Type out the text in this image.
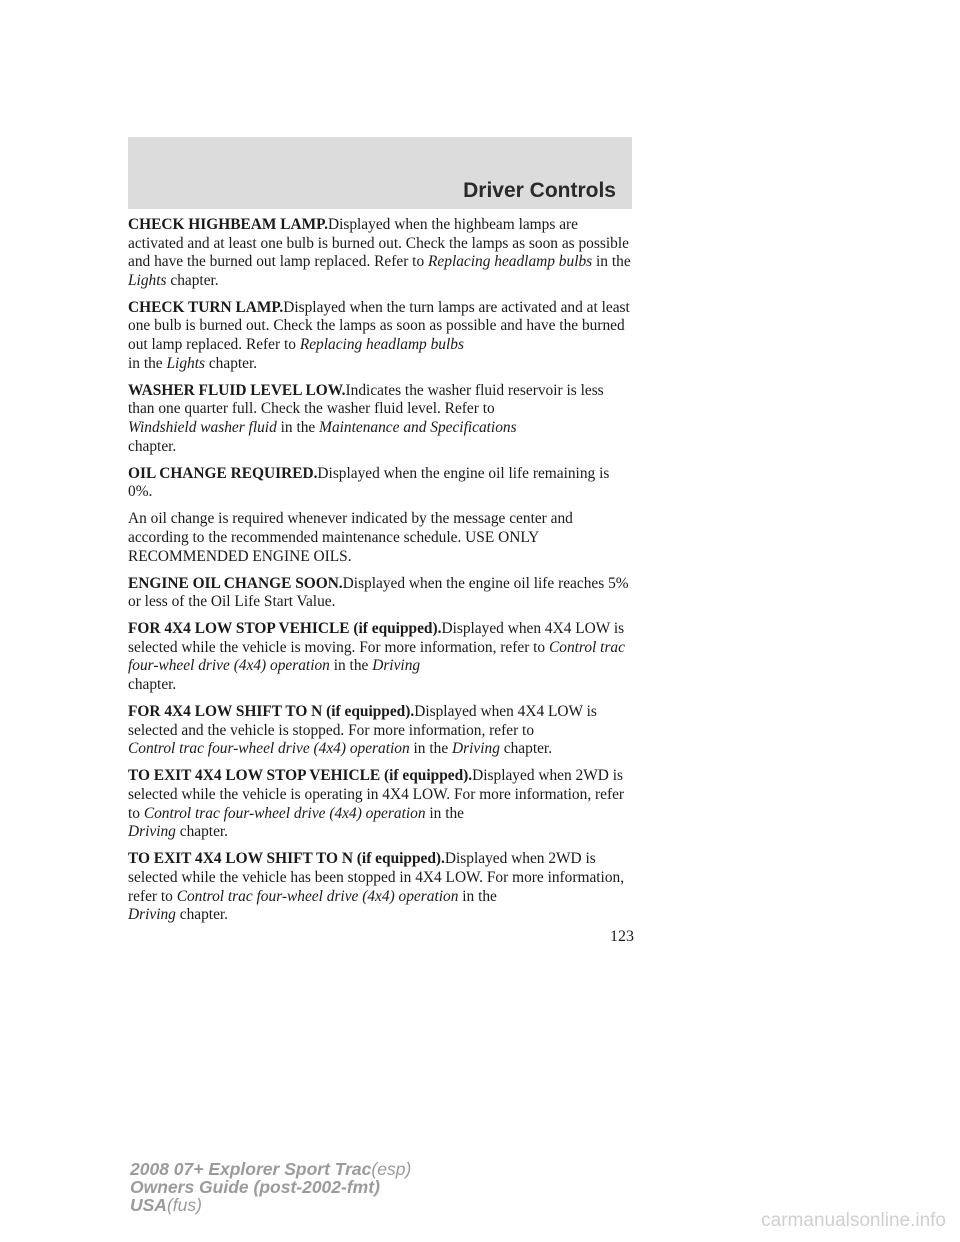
Driver Controls

CHECK HIGHBEAM LAMP.Displayed when the highbeam lamps are activated and at least one bulb is burned out. Check the lamps as soon as possible and have the burned out lamp replaced. Refer to Replacing headlamp bulbs in the Lights chapter.

CHECK TURN LAMP.Displayed when the turn lamps are activated and at least one bulb is burned out. Check the lamps as soon as possible and have the burned out lamp replaced. Refer to Replacing headlamp bulbs
in the Lights chapter.

WASHER FLUID LEVEL LOW.Indicates the washer fluid reservoir is less than one quarter full. Check the washer fluid level. Refer to
Windshield washer fluid in the Maintenance and Specifications
chapter.

OIL CHANGE REQUIRED.Displayed when the engine oil life remaining is 0%.

An oil change is required whenever indicated by the message center and according to the recommended maintenance schedule. USE ONLY RECOMMENDED ENGINE OILS.

ENGINE OIL CHANGE SOON.Displayed when the engine oil life reaches 5% or less of the Oil Life Start Value.

FOR 4X4 LOW STOP VEHICLE (if equipped).Displayed when 4X4 LOW is selected while the vehicle is moving. For more information, refer to Control trac four-wheel drive (4x4) operation in the Driving
chapter.

FOR 4X4 LOW SHIFT TO N (if equipped).Displayed when 4X4 LOW is selected and the vehicle is stopped. For more information, refer to
Control trac four-wheel drive (4x4) operation in the Driving chapter.

TO EXIT 4X4 LOW STOP VEHICLE (if equipped).Displayed when 2WD is selected while the vehicle is operating in 4X4 LOW. For more information, refer to Control trac four-wheel drive (4x4) operation in the
Driving chapter.

TO EXIT 4X4 LOW SHIFT TO N (if equipped).Displayed when 2WD is selected while the vehicle has been stopped in 4X4 LOW. For more information, refer to Control trac four-wheel drive (4x4) operation in the
Driving chapter.

123
2008 07+ Explorer Sport Trac(esp)
Owners Guide (post-2002-fmt)
USA(fus)
carmanualsonline.info
